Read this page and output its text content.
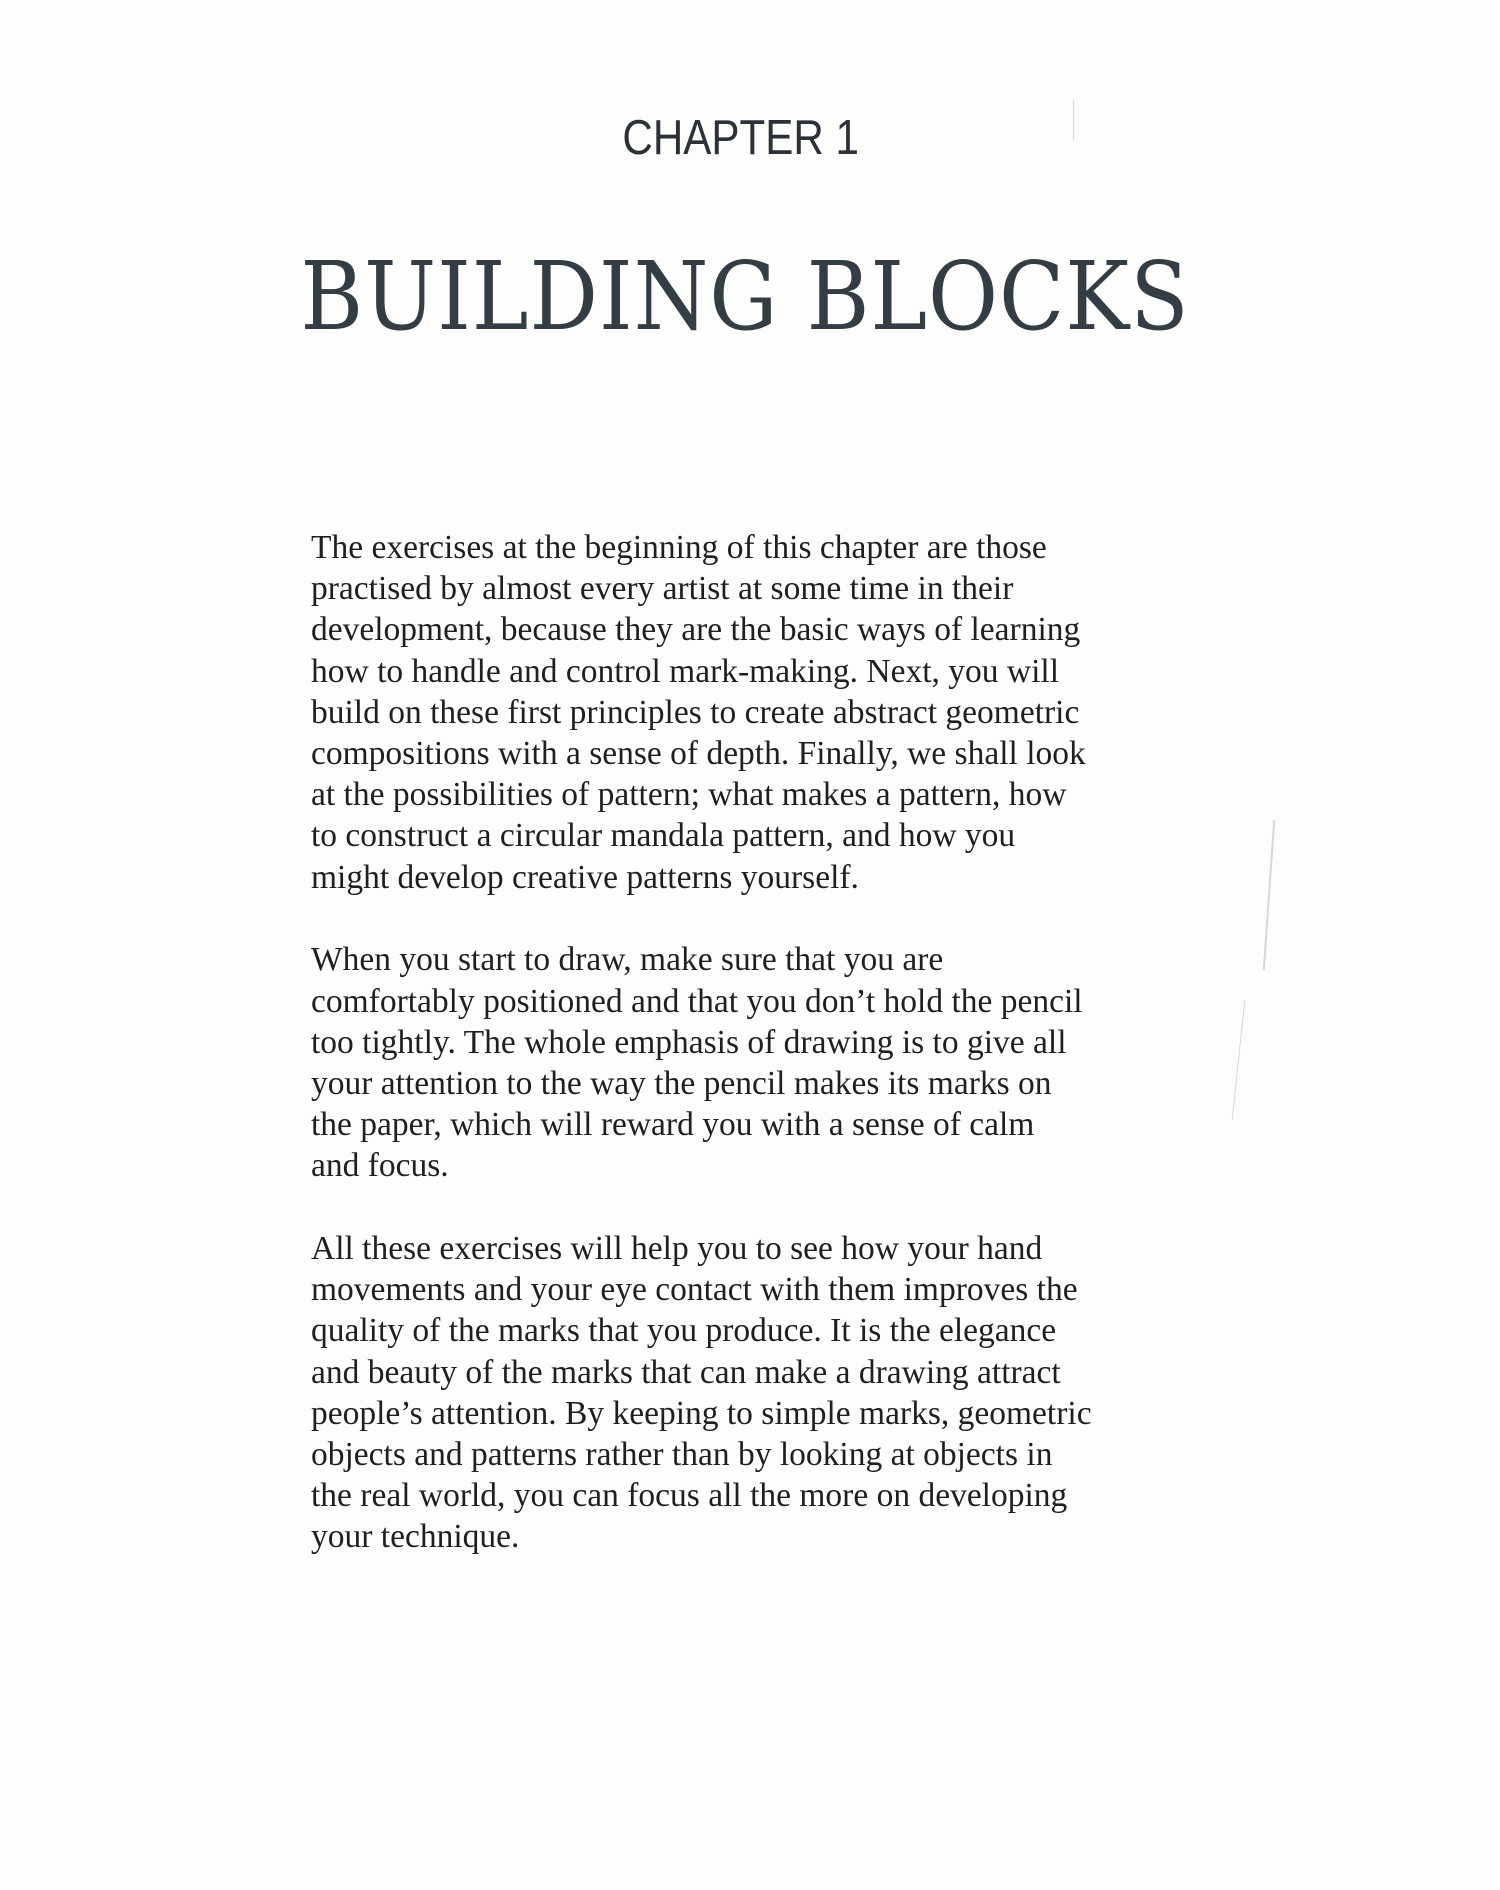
CHAPTER 1
BUILDING BLOCKS

The exercises at the beginning of this chapter are those
practised by almost every artist at some time in their
development, because they are the basic ways of learning
how to handle and control mark-making. Next, you will
build on these first principles to create abstract geometric
compositions with a sense of depth. Finally, we shall look
at the possibilities of pattern; what makes a pattern, how
to construct a circular mandala pattern, and how you
might develop creative patterns yourself.

When you start to draw, make sure that you are
comfortably positioned and that you don’t hold the pencil
too tightly. The whole emphasis of drawing is to give all
your attention to the way the pencil makes its marks on
the paper, which will reward you with a sense of calm
and focus.

All these exercises will help you to see how your hand
movements and your eye contact with them improves the
quality of the marks that you produce. It is the elegance
and beauty of the marks that can make a drawing attract
people’s attention. By keeping to simple marks, geometric
objects and patterns rather than by looking at objects in
the real world, you can focus all the more on developing
your technique.
